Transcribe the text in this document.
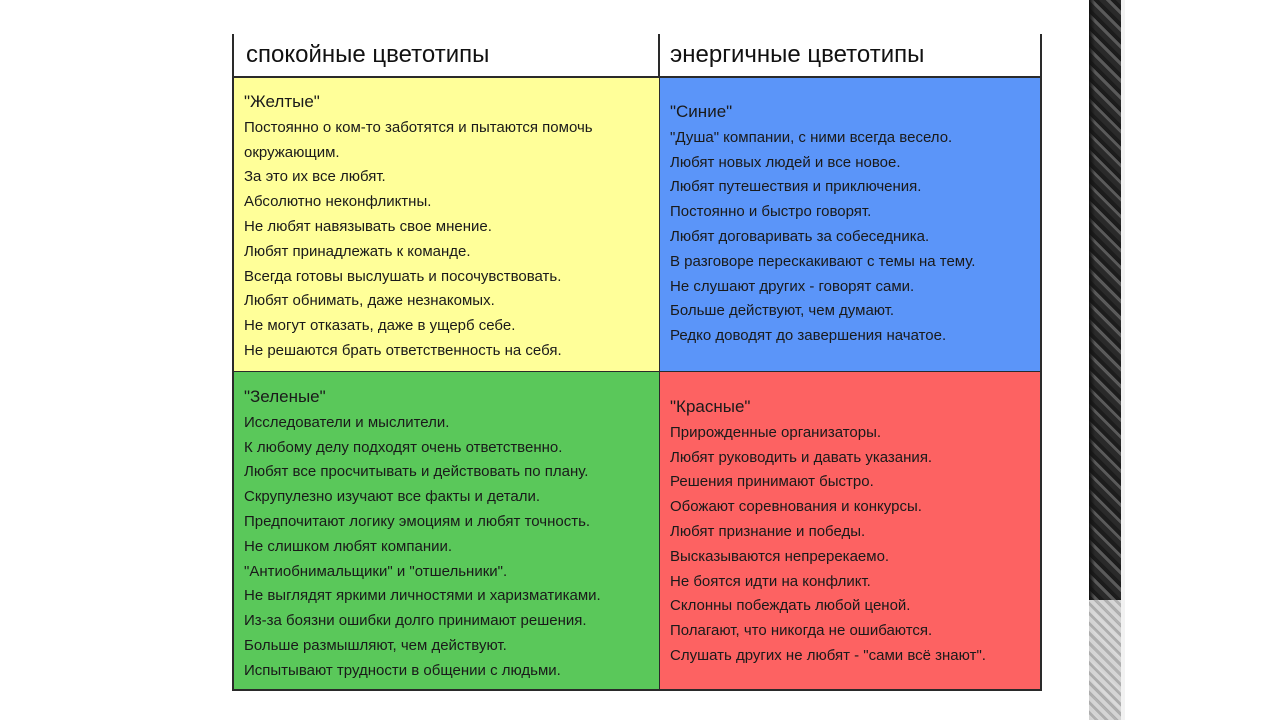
спокойные цветотипы	энергичные цветотипы
"Желтые"
Постоянно о ком-то заботятся и пытаются помочь окружающим.
За это их все любят.
Абсолютно неконфликтны.
Не любят навязывать свое мнение.
Любят принадлежать к команде.
Всегда готовы выслушать и посочувствовать.
Любят обнимать, даже незнакомых.
Не могут отказать, даже в ущерб себе.
Не решаются брать ответственность на себя.
"Синие"
"Душа" компании, с ними всегда весело.
Любят новых людей и все новое.
Любят путешествия и приключения.
Постоянно и быстро говорят.
Любят договаривать за собеседника.
В разговоре перескакивают с темы на тему.
Не слушают других - говорят сами.
Больше действуют, чем думают.
Редко доводят до завершения начатое.
"Зеленые"
Исследователи и мыслители.
К любому делу подходят очень ответственно.
Любят все просчитывать и действовать по плану.
Скрупулезно изучают все факты и детали.
Предпочитают логику эмоциям и любят точность.
Не слишком любят компании.
"Антиобнимальщики" и "отшельники".
Не выглядят яркими личностями и харизматиками.
Из-за боязни ошибки долго принимают решения.
Больше размышляют, чем действуют.
Испытывают трудности в общении с людьми.
"Красные"
Прирожденные организаторы.
Любят руководить и давать указания.
Решения принимают быстро.
Обожают соревнования и конкурсы.
Любят признание и победы.
Высказываются непререкаемо.
Не боятся идти на конфликт.
Склонны побеждать любой ценой.
Полагают, что никогда не ошибаются.
Слушать других не любят - "сами всё знают".
